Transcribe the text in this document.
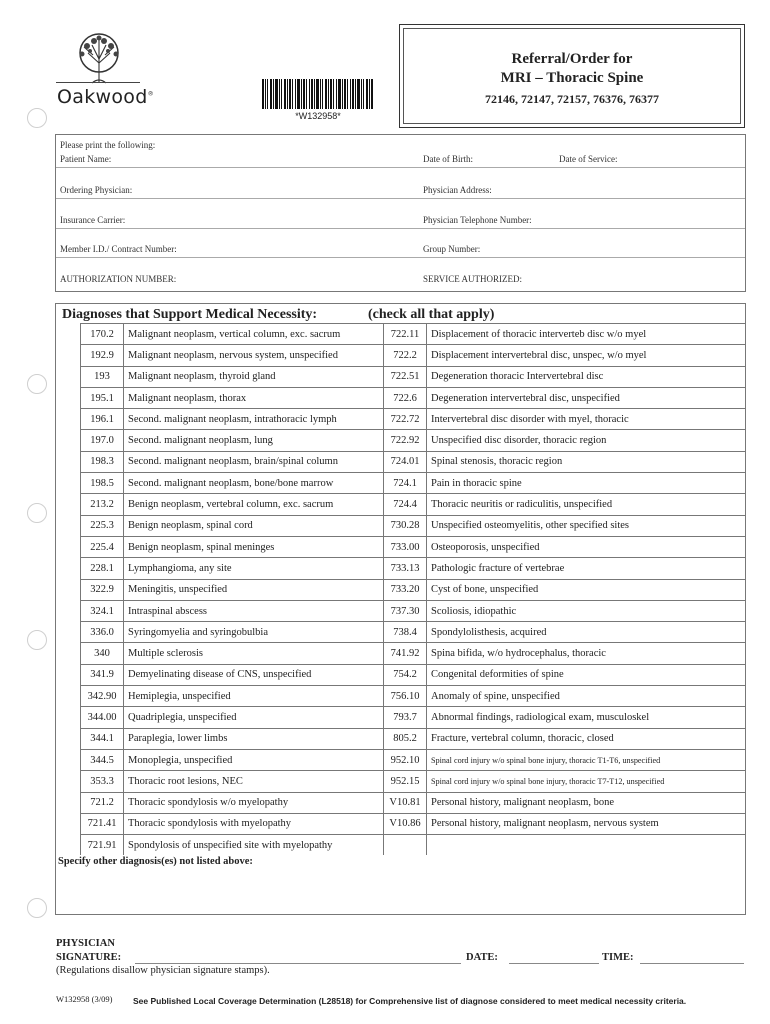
Oakwood®
*W132958*
Referral/Order for
MRI – Thoracic Spine
72146, 72147, 72157, 76376, 76377
Please print the following:
Patient Name:	Date of Birth:	Date of Service:
Ordering Physician:	Physician Address:
Insurance Carrier:	Physician Telephone Number:
Member I.D./ Contract Number:	Group Number:
AUTHORIZATION NUMBER:	SERVICE AUTHORIZED:
Diagnoses that Support Medical Necessity:	(check all that apply)
170.2	Malignant neoplasm, vertical column, exc. sacrum	722.11	Displacement of thoracic interverteb disc w/o myel
192.9	Malignant neoplasm, nervous system, unspecified	722.2	Displacement intervertebral disc, unspec, w/o myel
193	Malignant neoplasm, thyroid gland	722.51	Degeneration thoracic Intervertebral disc
195.1	Malignant neoplasm, thorax	722.6	Degeneration intervertebral disc, unspecified
196.1	Second. malignant neoplasm, intrathoracic lymph	722.72	Intervertebral disc disorder with myel, thoracic
197.0	Second. malignant neoplasm, lung	722.92	Unspecified disc disorder, thoracic region
198.3	Second. malignant neoplasm, brain/spinal column	724.01	Spinal stenosis, thoracic region
198.5	Second. malignant neoplasm, bone/bone marrow	724.1	Pain in thoracic spine
213.2	Benign neoplasm, vertebral column, exc. sacrum	724.4	Thoracic neuritis or radiculitis, unspecified
225.3	Benign neoplasm, spinal cord	730.28	Unspecified osteomyelitis, other specified sites
225.4	Benign neoplasm, spinal meninges	733.00	Osteoporosis, unspecified
228.1	Lymphangioma, any site	733.13	Pathologic fracture of vertebrae
322.9	Meningitis, unspecified	733.20	Cyst of bone, unspecified
324.1	Intraspinal abscess	737.30	Scoliosis, idiopathic
336.0	Syringomyelia and syringobulbia	738.4	Spondylolisthesis, acquired
340	Multiple sclerosis	741.92	Spina bifida, w/o hydrocephalus, thoracic
341.9	Demyelinating disease of CNS, unspecified	754.2	Congenital deformities of spine
342.90	Hemiplegia, unspecified	756.10	Anomaly of spine, unspecified
344.00	Quadriplegia, unspecified	793.7	Abnormal findings, radiological exam, musculoskel
344.1	Paraplegia, lower limbs	805.2	Fracture, vertebral column, thoracic, closed
344.5	Monoplegia, unspecified	952.10	Spinal cord injury w/o spinal bone injury, thoracic T1-T6, unspecified
353.3	Thoracic root lesions, NEC	952.15	Spinal cord injury w/o spinal bone injury, thoracic T7-T12, unspecified
721.2	Thoracic spondylosis w/o myelopathy	V10.81	Personal history, malignant neoplasm, bone
721.41	Thoracic spondylosis with myelopathy	V10.86	Personal history, malignant neoplasm, nervous system
721.91	Spondylosis of unspecified site with myelopathy		
Specify other diagnosis(es) not listed above:
PHYSICIAN
SIGNATURE:	DATE:	TIME:
(Regulations disallow physician signature stamps).
W132958 (3/09) See Published Local Coverage Determination (L28518) for Comprehensive list of diagnose considered to meet medical necessity criteria.
